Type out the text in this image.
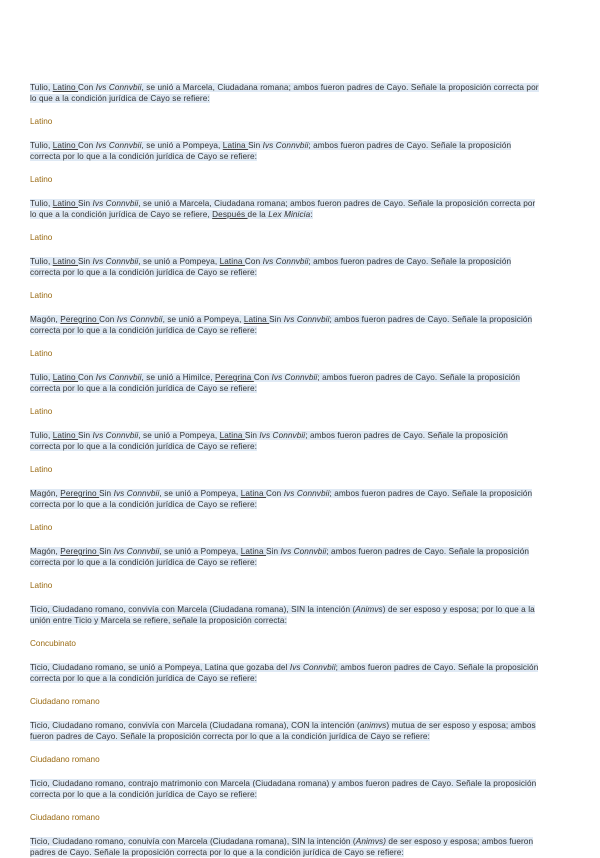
Tulio, Latino Con Ivs Connvbii, se unió a Marcela, Ciudadana romana; ambos fueron padres de Cayo. Señale la proposición correcta por lo que a la condición jurídica de Cayo se refiere:

Latino

Tulio, Latino Con Ivs Connvbii, se unió a Pompeya, Latina Sin Ivs Connvbii; ambos fueron padres de Cayo. Señale la proposición correcta por lo que a la condición jurídica de Cayo se refiere:

Latino

Tulio, Latino Sin Ivs Connvbii, se unió a Marcela, Ciudadana romana; ambos fueron padres de Cayo. Señale la proposición correcta por lo que a la condición jurídica de Cayo se refiere, Después de la Lex Minicia:

Latino

Tulio, Latino Sin Ivs Connvbii, se unió a Pompeya, Latina Con Ivs Connvbii; ambos fueron padres de Cayo. Señale la proposición correcta por lo que a la condición jurídica de Cayo se refiere:

Latino

Magón, Peregrino Con Ivs Connvbii, se unió a Pompeya, Latina Sin Ivs Connvbii; ambos fueron padres de Cayo. Señale la proposición correcta por lo que a la condición jurídica de Cayo se refiere:

Latino

Tulio, Latino Con Ivs Connvbii, se unió a Himilce, Peregrina Con Ivs Connvbii; ambos fueron padres de Cayo. Señale la proposición correcta por lo que a la condición jurídica de Cayo se refiere:

Latino

Tulio, Latino Sin Ivs Connvbii, se unió a Pompeya, Latina Sin Ivs Connvbii; ambos fueron padres de Cayo. Señale la proposición correcta por lo que a la condición jurídica de Cayo se refiere:

Latino

Magón, Peregrino Sin Ivs Connvbii, se unió a Pompeya, Latina Con Ivs Connvbii; ambos fueron padres de Cayo. Señale la proposición correcta por lo que a la condición jurídica de Cayo se refiere:

Latino

Magón, Peregrino Sin Ivs Connvbii, se unió a Pompeya, Latina Sin Ivs Connvbii; ambos fueron padres de Cayo. Señale la proposición correcta por lo que a la condición jurídica de Cayo se refiere:

Latino

Ticio, Ciudadano romano, convivía con Marcela (Ciudadana romana), SIN la intención (Animvs) de ser esposo y esposa; por lo que a la unión entre Ticio y Marcela se refiere, señale la proposición correcta:

Concubinato

Ticio, Ciudadano romano, se unió a Pompeya, Latina que gozaba del Ivs Connvbii; ambos fueron padres de Cayo. Señale la proposición correcta por lo que a la condición jurídica de Cayo se refiere:

Ciudadano romano

Ticio, Ciudadano romano, convivía con Marcela (Ciudadana romana), CON la intención (animvs) mutua de ser esposo y esposa; ambos fueron padres de Cayo. Señale la proposición correcta por lo que a la condición jurídica de Cayo se refiere:

Ciudadano romano

Ticio, Ciudadano romano, contrajo matrimonio con Marcela (Ciudadana romana) y ambos fueron padres de Cayo. Señale la proposición correcta por lo que a la condición jurídica de Cayo se refiere:

Ciudadano romano

Ticio, Ciudadano romano, conuivía con Marcela (Ciudadana romana), SIN la intención (Animvs) de ser esposo y esposa; ambos fueron padres de Cayo. Señale la proposición correcta por lo que a la condición jurídica de Cayo se refiere:
